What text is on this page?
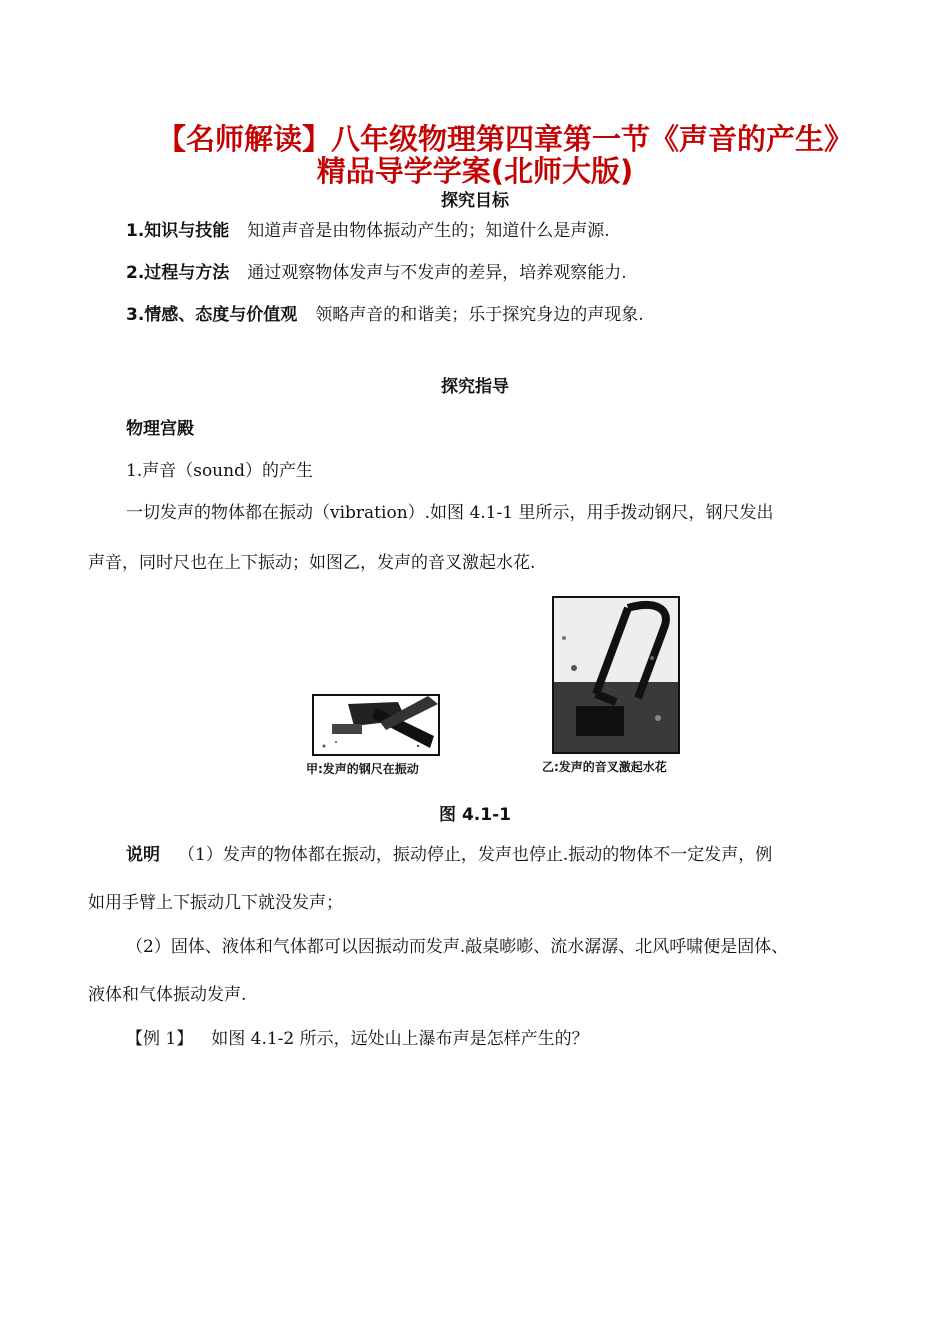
【名师解读】八年级物理第四章第一节《声音的产生》
精品导学学案(北师大版)
探究目标
1.知识与技能 知道声音是由物体振动产生的；知道什么是声源.
2.过程与方法 通过观察物体发声与不发声的差异，培养观察能力.
3.情感、态度与价值观 领略声音的和谐美；乐于探究身边的声现象.
探究指导
物理宫殿
1.声音（sound）的产生
一切发声的物体都在振动（vibration）.如图 4.1-1 里所示，用手拨动钢尺，钢尺发出
声音，同时尺也在上下振动；如图乙，发声的音叉激起水花.
甲:发声的钢尺在振动	乙:发声的音叉激起水花
图 4.1-1
说明 （1）发声的物体都在振动，振动停止，发声也停止.振动的物体不一定发声，例
如用手臂上下振动几下就没发声；
（2）固体、液体和气体都可以因振动而发声.敲桌嘭嘭、流水潺潺、北风呼啸便是固体、
液体和气体振动发声.
【例 1】 如图 4.1-2 所示，远处山上瀑布声是怎样产生的？
